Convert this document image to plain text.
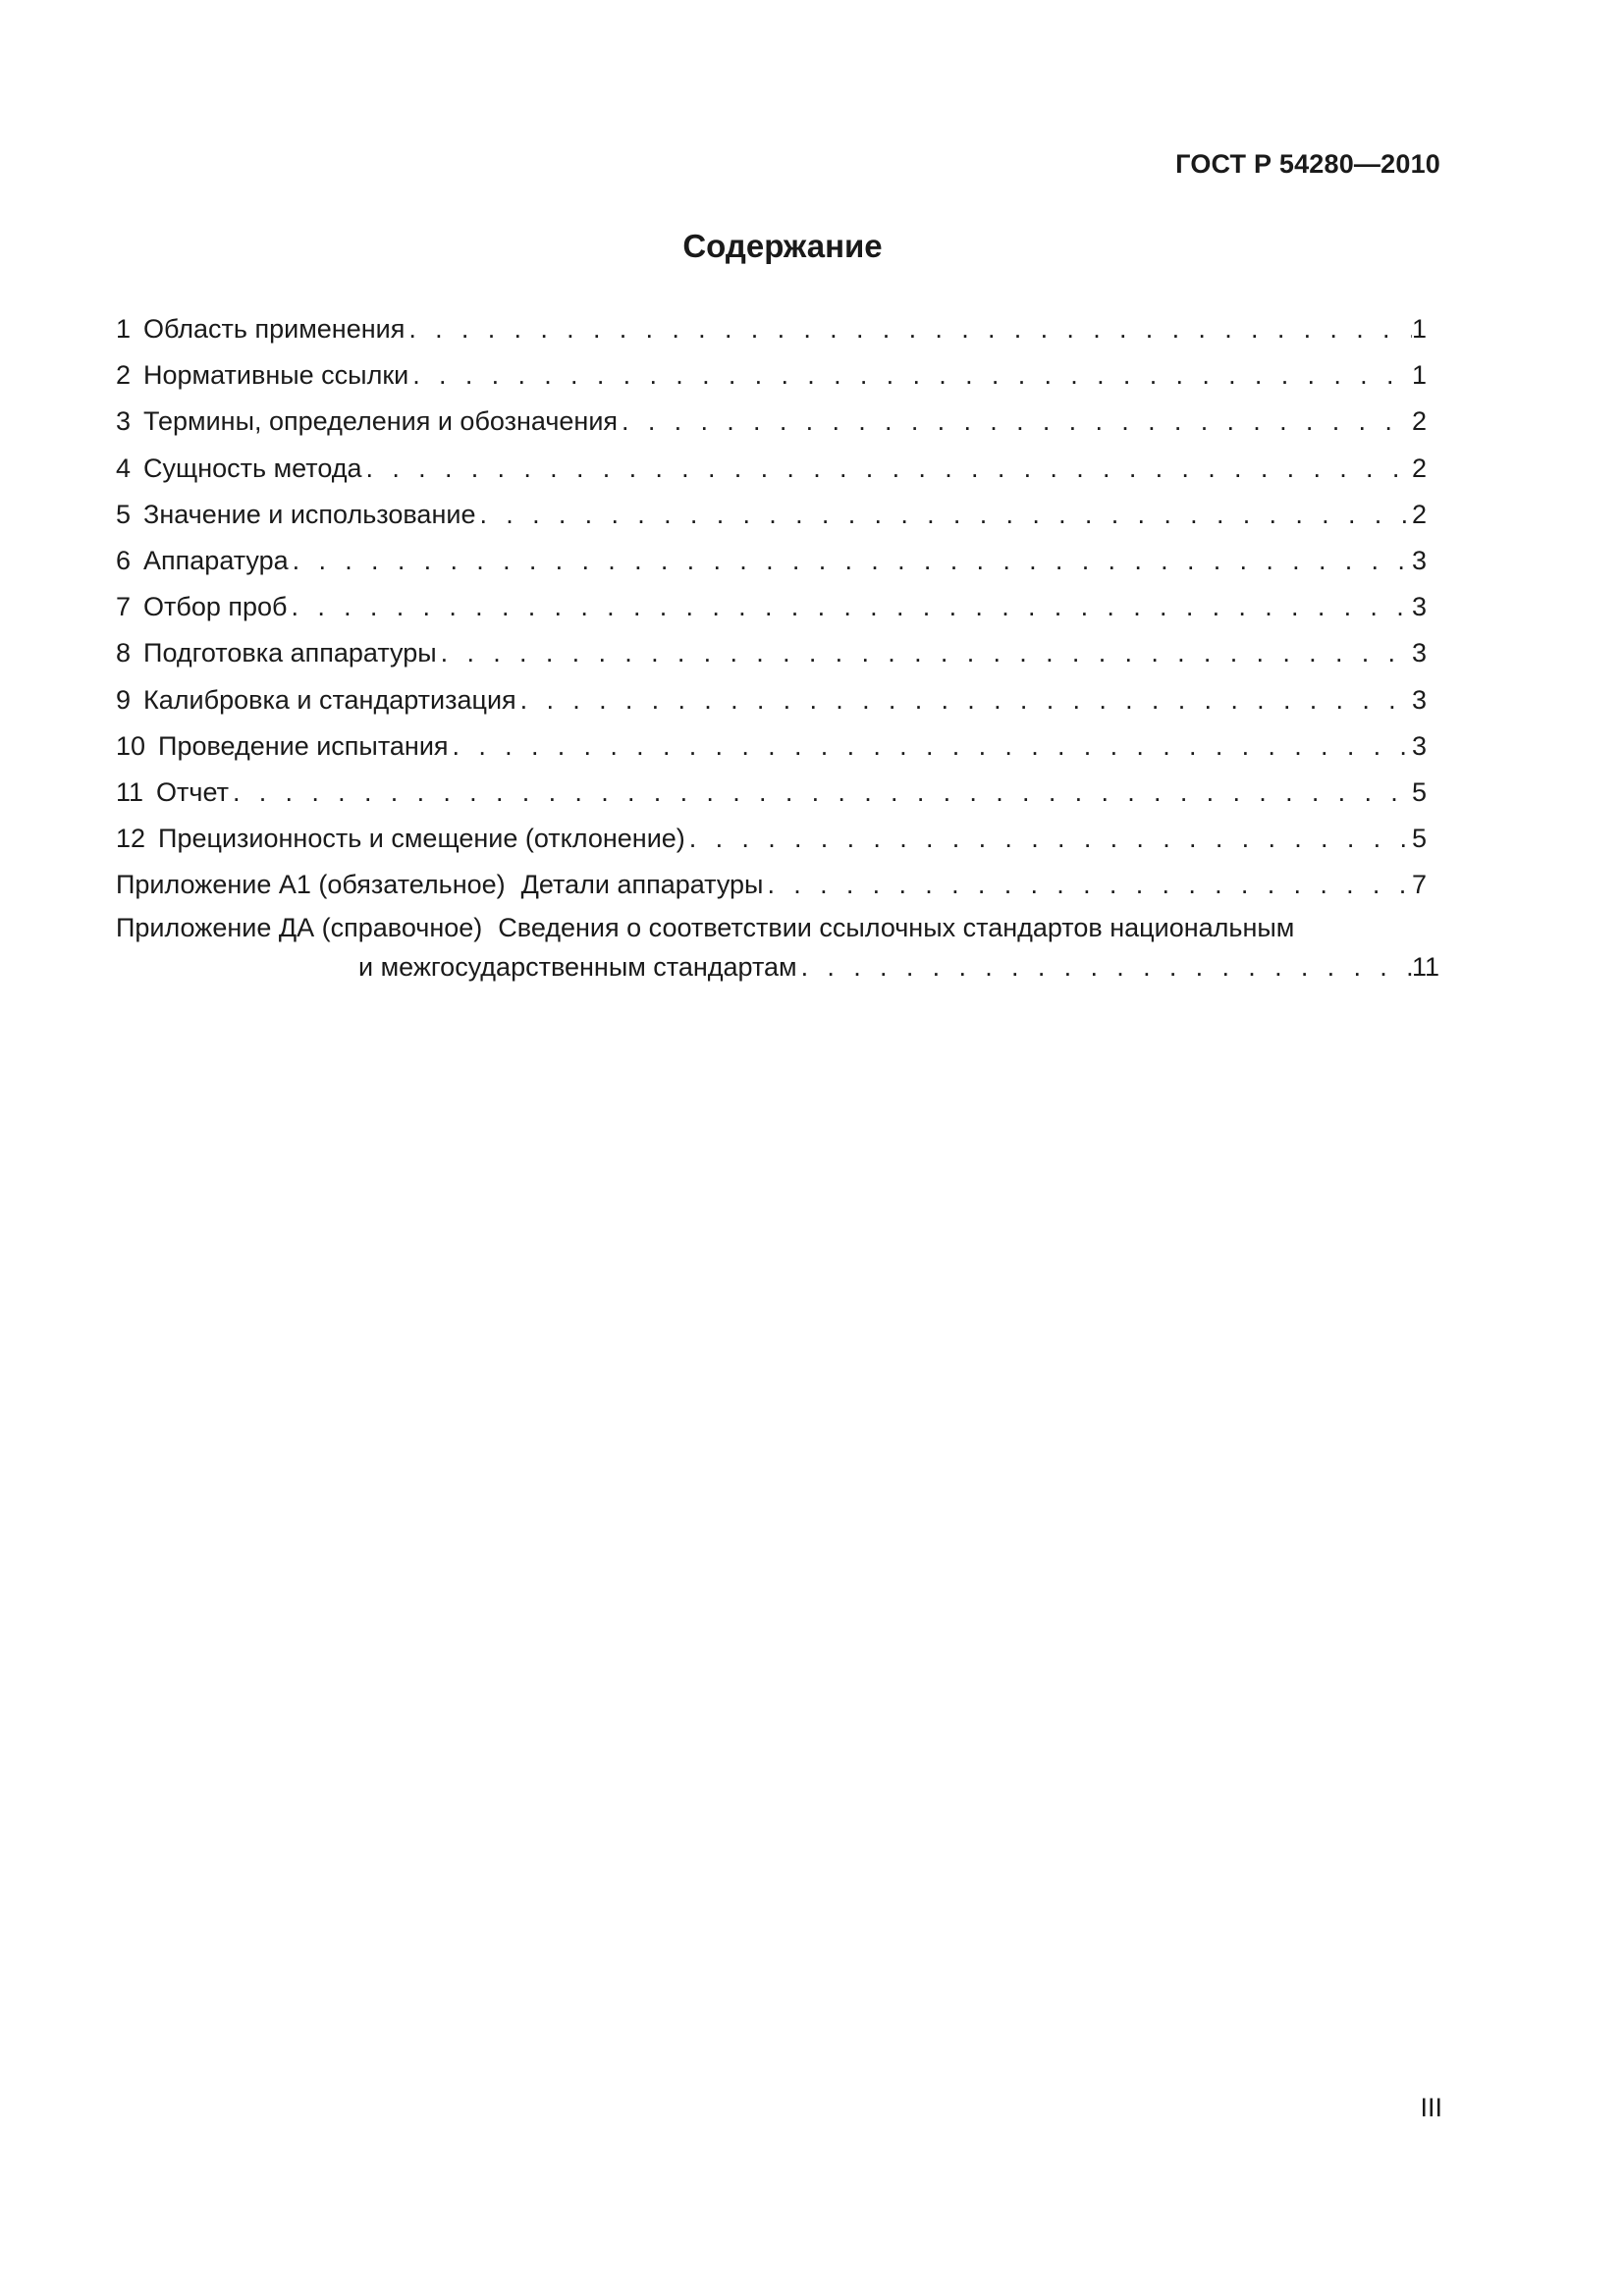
ГОСТ Р 54280—2010
Содержание
1 Область применения . . .	1
2 Нормативные ссылки . . .	1
3 Термины, определения и обозначения . . .	2
4 Сущность метода . . .	2
5 Значение и использование . . .	2
6 Аппаратура . . .	3
7 Отбор проб . . .	3
8 Подготовка аппаратуры . . .	3
9 Калибровка и стандартизация . . .	3
10 Проведение испытания . . .	3
11 Отчет . . .	5
12 Прецизионность и смещение (отклонение) . . .	5
Приложение А1 (обязательное) Детали аппаратуры . . .	7
Приложение ДА (справочное) Сведения о соответствии ссылочных стандартов национальным
и межгосударственным стандартам . . .	11
III
